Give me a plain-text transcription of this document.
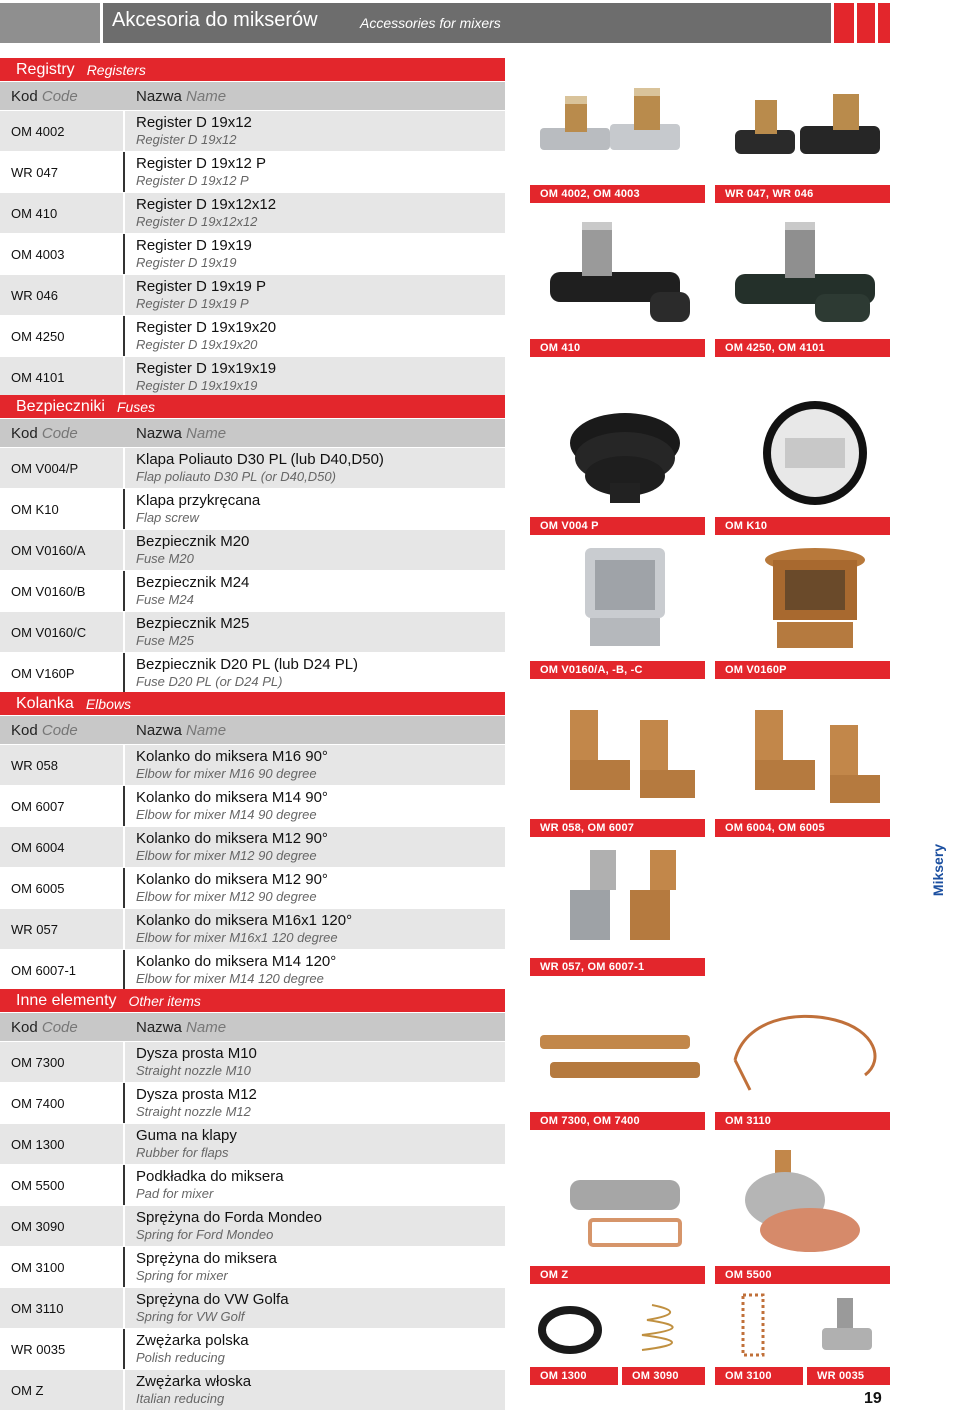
Akcesoria do mikserów	Accessories for mixers
Registry Registers
Kod Code	Nazwa Name
OM 4002	Register D 19x12
Register D 19x12
WR 047	Register D 19x12 P
Register D 19x12 P
OM 410	Register D 19x12x12
Register D 19x12x12
OM 4003	Register D 19x19
Register D 19x19
WR 046	Register D 19x19 P
Register D 19x19 P
OM 4250	Register D 19x19x20
Register D 19x19x20
OM 4101	Register D 19x19x19
Register D 19x19x19
Bezpieczniki Fuses
Kod Code	Nazwa Name
OM V004/P	Klapa Poliauto D30 PL (lub D40,D50)
Flap poliauto D30 PL (or D40,D50)
OM K10	Klapa przykręcana
Flap screw
OM V0160/A	Bezpiecznik M20
Fuse M20
OM V0160/B	Bezpiecznik M24
Fuse M24
OM V0160/C	Bezpiecznik M25
Fuse M25
OM V160P	Bezpiecznik D20 PL (lub D24 PL)
Fuse D20 PL (or D24 PL)
Kolanka Elbows
Kod Code	Nazwa Name
WR 058	Kolanko do miksera M16 90°
Elbow for mixer M16 90 degree
OM 6007	Kolanko do miksera M14 90°
Elbow for mixer M14 90 degree
OM 6004	Kolanko do miksera M12 90°
Elbow for mixer M12 90 degree
OM 6005	Kolanko do miksera M12 90°
Elbow for mixer M12 90 degree
WR 057	Kolanko do miksera M16x1 120°
Elbow for mixer M16x1 120 degree
OM 6007-1	Kolanko do miksera M14 120°
Elbow for mixer M14 120 degree
Inne elementy Other items
Kod Code	Nazwa Name
OM 7300	Dysza prosta M10
Straight nozzle M10
OM 7400	Dysza prosta M12
Straight nozzle M12
OM 1300	Guma na klapy
Rubber for flaps
OM 5500	Podkładka do miksera
Pad for mixer
OM 3090	Sprężyna do Forda Mondeo
Spring for Ford Mondeo
OM 3100	Sprężyna do miksera
Spring for mixer
OM 3110	Sprężyna do VW Golfa
Spring for VW Golf
WR 0035	Zwężarka polska
Polish reducing
OM Z	Zwężarka włoska
Italian reducing
OM 4002, OM 4003	WR 047, WR 046
OM 410	OM 4250, OM 4101
OM V004 P	OM K10
OM V0160/A, -B, -C	OM V0160P
WR 058, OM 6007	OM 6004, OM 6005
WR 057, OM 6007-1
OM 7300, OM 7400	OM 3110
OM Z	OM 5500
OM 1300	OM 3090	OM 3100	WR 0035
Miksery
19
